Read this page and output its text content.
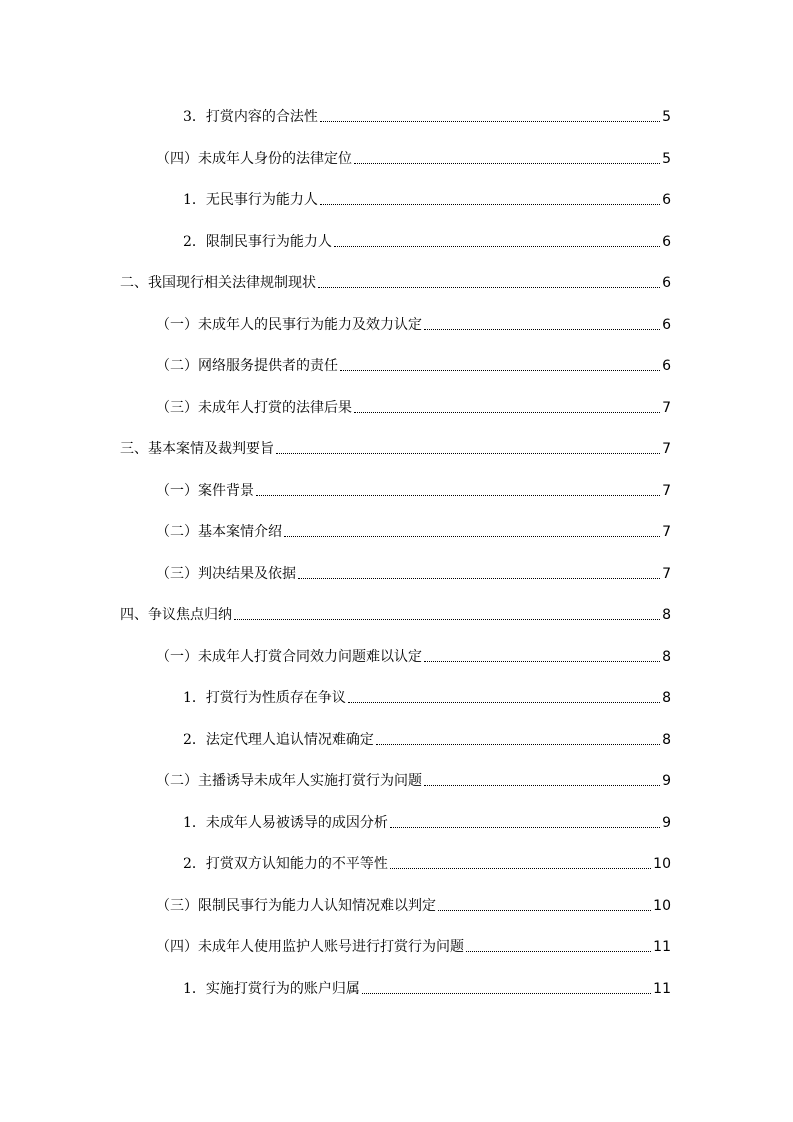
3．打赏内容的合法性	5
（四）未成年人身份的法律定位	5
1．无民事行为能力人	6
2．限制民事行为能力人	6
二、我国现行相关法律规制现状	6
（一）未成年人的民事行为能力及效力认定	6
（二）网络服务提供者的责任	6
（三）未成年人打赏的法律后果	7
三、基本案情及裁判要旨	7
（一）案件背景	7
（二）基本案情介绍	7
（三）判决结果及依据	7
四、争议焦点归纳	8
（一）未成年人打赏合同效力问题难以认定	8
1．打赏行为性质存在争议	8
2．法定代理人追认情况难确定	8
（二）主播诱导未成年人实施打赏行为问题	9
1．未成年人易被诱导的成因分析	9
2．打赏双方认知能力的不平等性	10
（三）限制民事行为能力人认知情况难以判定	10
（四）未成年人使用监护人账号进行打赏行为问题	11
1．实施打赏行为的账户归属	11
